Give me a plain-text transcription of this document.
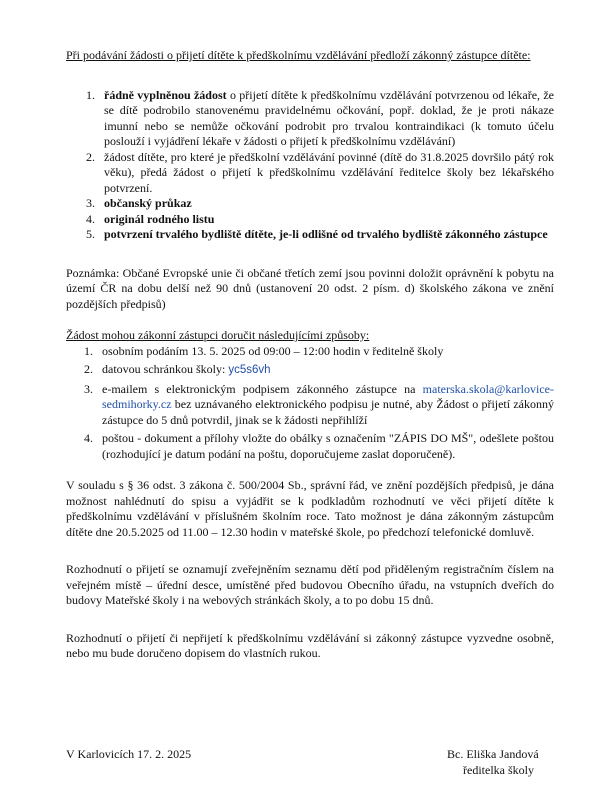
Při podávání žádosti o přijetí dítěte k předškolnímu vzdělávání předloží zákonný zástupce dítěte:

1. řádně vyplněnou žádost o přijetí dítěte k předškolnímu vzdělávání potvrzenou od lékaře, že se dítě podrobilo stanovenému pravidelnému očkování, popř. doklad, že je proti nákaze imunní nebo se nemůže očkování podrobit pro trvalou kontraindikaci (k tomuto účelu poslouží i vyjádření lékaře v žádosti o přijetí k předškolnímu vzdělávání)
2. žádost dítěte, pro které je předškolní vzdělávání povinné (dítě do 31.8.2025 dovršilo pátý rok věku), předá žádost o přijetí k předškolnímu vzdělávání ředitelce školy bez lékařského potvrzení.
3. občanský průkaz
4. originál rodného listu
5. potvrzení trvalého bydliště dítěte, je-li odlišné od trvalého bydliště zákonného zástupce

Poznámka: Občané Evropské unie či občané třetích zemí jsou povinni doložit oprávnění k pobytu na území ČR na dobu delší než 90 dnů (ustanovení 20 odst. 2 písm. d) školského zákona ve znění pozdějších předpisů)

Žádost mohou zákonní zástupci doručit následujícími způsoby:

1. osobním podáním 13. 5. 2025 od 09:00 – 12:00 hodin v ředitelně školy
2. datovou schránkou školy: yc5s6vh
3. e-mailem s elektronickým podpisem zákonného zástupce na materska.skola@karlovice-sedmihorky.cz bez uznávaného elektronického podpisu je nutné, aby Žádost o přijetí zákonný zástupce do 5 dnů potvrdil, jinak se k žádosti nepřihlíží
4. poštou - dokument a přílohy vložte do obálky s označením "ZÁPIS DO MŠ", odešlete poštou (rozhodující je datum podání na poštu, doporučujeme zaslat doporučeně).

V souladu s § 36 odst. 3 zákona č. 500/2004 Sb., správní řád, ve znění pozdějších předpisů, je dána možnost nahlédnutí do spisu a vyjádřit se k podkladům rozhodnutí ve věci přijetí dítěte k předškolnímu vzdělávání v příslušném školním roce. Tato možnost je dána zákonným zástupcům dítěte dne 20.5.2025 od 11.00 – 12.30 hodin v mateřské škole, po předchozí telefonické domluvě.

Rozhodnutí o přijetí se oznamují zveřejněním seznamu dětí pod přiděleným registračním číslem na veřejném místě – úřední desce, umístěné před budovou Obecního úřadu, na vstupních dveřích do budovy Mateřské školy i na webových stránkách školy, a to po dobu 15 dnů.

Rozhodnutí o přijetí či nepřijetí k předškolnímu vzdělávání si zákonný zástupce vyzvedne osobně, nebo mu bude doručeno dopisem do vlastních rukou.

V Karlovicích 17. 2. 2025	Bc. Eliška Jandová
ředitelka školy
